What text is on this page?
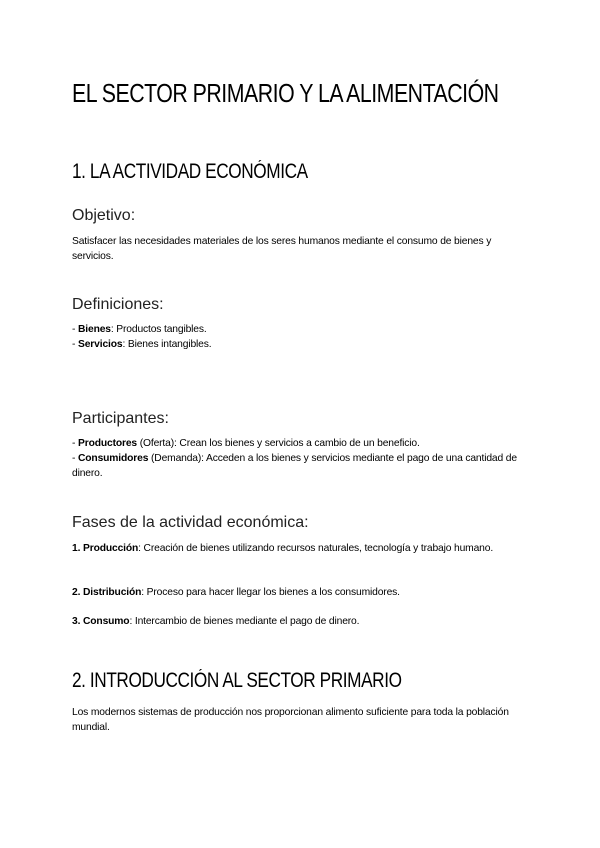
EL SECTOR PRIMARIO Y LA ALIMENTACIÓN
1. LA ACTIVIDAD ECONÓMICA
Objetivo:

Satisfacer las necesidades materiales de los seres humanos mediante el consumo de bienes y servicios.

Definiciones:

- Bienes: Productos tangibles.

- Servicios: Bienes intangibles.

Participantes:

- Productores (Oferta): Crean los bienes y servicios a cambio de un beneficio.

- Consumidores (Demanda): Acceden a los bienes y servicios mediante el pago de una cantidad de dinero.

Fases de la actividad económica:

1. Producción: Creación de bienes utilizando recursos naturales, tecnología y trabajo humano.

2. Distribución: Proceso para hacer llegar los bienes a los consumidores.

3. Consumo: Intercambio de bienes mediante el pago de dinero.

2. INTRODUCCIÓN AL SECTOR PRIMARIO

Los modernos sistemas de producción nos proporcionan alimento suficiente para toda la población mundial.
